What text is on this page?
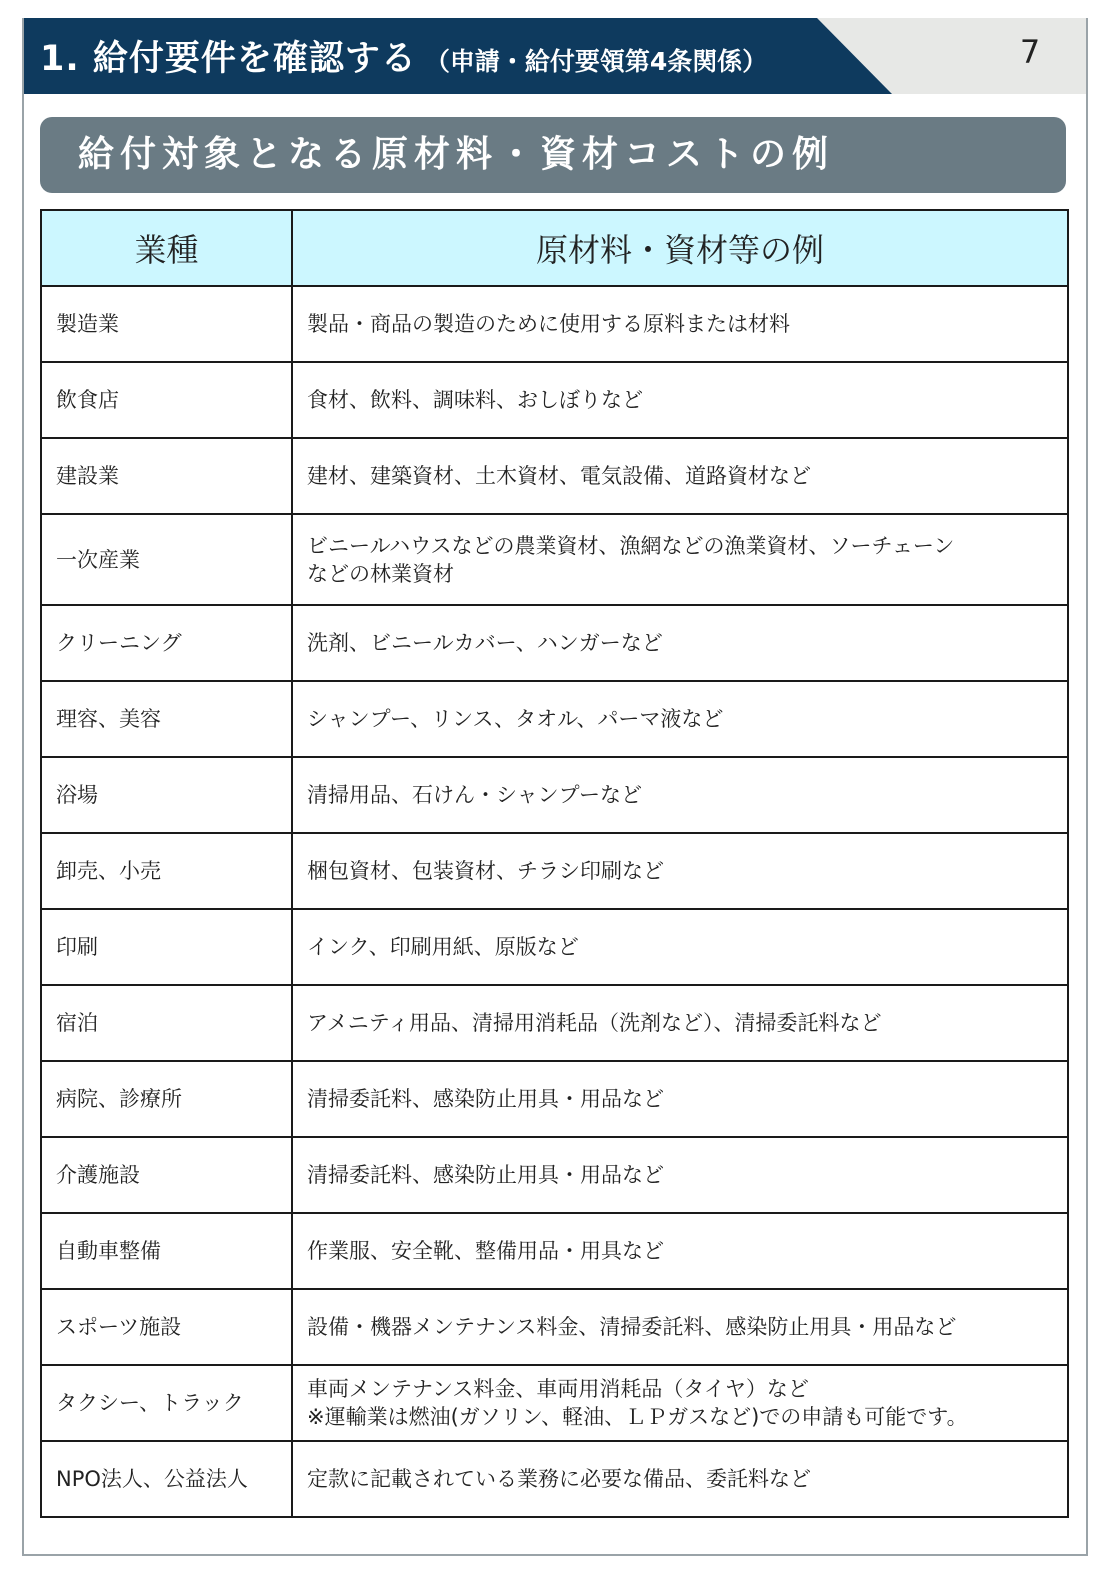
1. 給付要件を確認する （申請・給付要領第4条関係）	7
給付対象となる原材料・資材コストの例
業種	原材料・資材等の例
製造業	製品・商品の製造のために使用する原料または材料

飲食店	食材、飲料、調味料、おしぼりなど

建設業	建材、建築資材、土木資材、電気設備、道路資材など

一次産業	ビニールハウスなどの農業資材、漁網などの漁業資材、ソーチェーン
などの林業資材

クリーニング	洗剤、ビニールカバー、ハンガーなど

理容、美容	シャンプー、リンス、タオル、パーマ液など

浴場	清掃用品、石けん・シャンプーなど

卸売、小売	梱包資材、包装資材、チラシ印刷など

印刷	インク、印刷用紙、原版など

宿泊	アメニティ用品、清掃用消耗品（洗剤など）、清掃委託料など

病院、診療所	清掃委託料、感染防止用具・用品など

介護施設	清掃委託料、感染防止用具・用品など

自動車整備	作業服、安全靴、整備用品・用具など

スポーツ施設	設備・機器メンテナンス料金、清掃委託料、感染防止用具・用品など

タクシー、トラック	車両メンテナンス料金、車両用消耗品（タイヤ）など
※運輸業は燃油(ガソリン、軽油、ＬＰガスなど)での申請も可能です。

NPO法人、公益法人	定款に記載されている業務に必要な備品、委託料など
